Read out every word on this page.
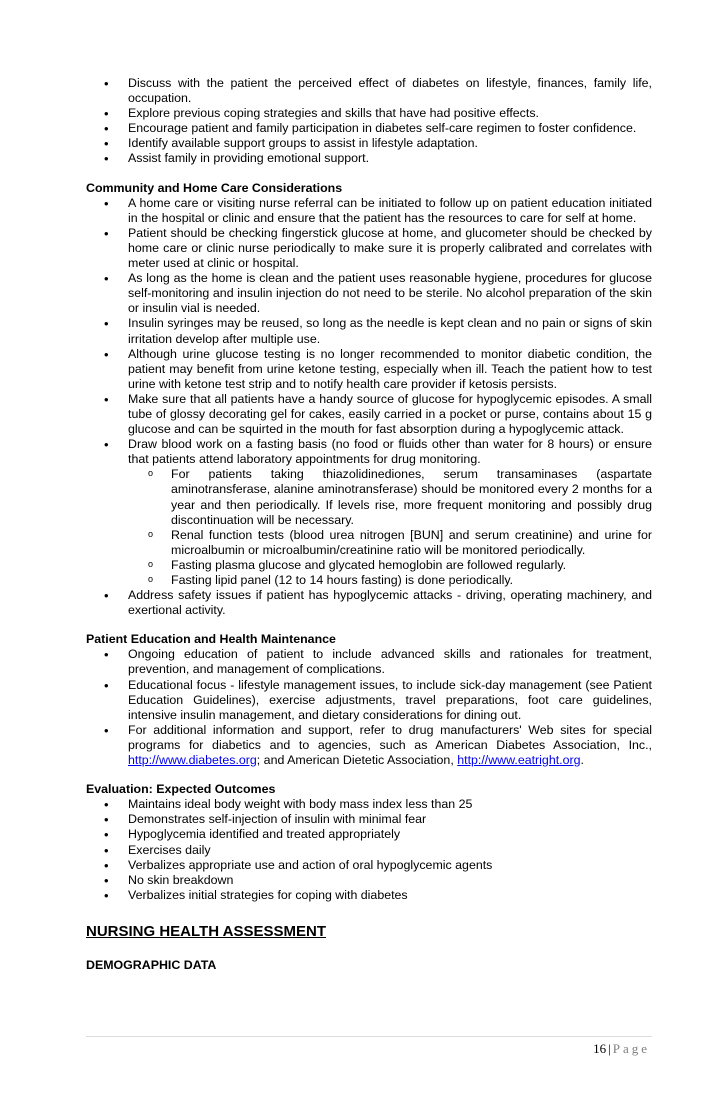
• Discuss with the patient the perceived effect of diabetes on lifestyle, finances, family life, occupation.
• Explore previous coping strategies and skills that have had positive effects.
• Encourage patient and family participation in diabetes self-care regimen to foster confidence.
• Identify available support groups to assist in lifestyle adaptation.
• Assist family in providing emotional support.
Community and Home Care Considerations
• A home care or visiting nurse referral can be initiated to follow up on patient education initiated in the hospital or clinic and ensure that the patient has the resources to care for self at home.
• Patient should be checking fingerstick glucose at home, and glucometer should be checked by home care or clinic nurse periodically to make sure it is properly calibrated and correlates with meter used at clinic or hospital.
• As long as the home is clean and the patient uses reasonable hygiene, procedures for glucose self-monitoring and insulin injection do not need to be sterile. No alcohol preparation of the skin or insulin vial is needed.
• Insulin syringes may be reused, so long as the needle is kept clean and no pain or signs of skin irritation develop after multiple use.
• Although urine glucose testing is no longer recommended to monitor diabetic condition, the patient may benefit from urine ketone testing, especially when ill. Teach the patient how to test urine with ketone test strip and to notify health care provider if ketosis persists.
• Make sure that all patients have a handy source of glucose for hypoglycemic episodes. A small tube of glossy decorating gel for cakes, easily carried in a pocket or purse, contains about 15 g glucose and can be squirted in the mouth for fast absorption during a hypoglycemic attack.
• Draw blood work on a fasting basis (no food or fluids other than water for 8 hours) or ensure that patients attend laboratory appointments for drug monitoring.
o For patients taking thiazolidinediones, serum transaminases (aspartate aminotransferase, alanine aminotransferase) should be monitored every 2 months for a year and then periodically. If levels rise, more frequent monitoring and possibly drug discontinuation will be necessary.
o Renal function tests (blood urea nitrogen [BUN] and serum creatinine) and urine for microalbumin or microalbumin/creatinine ratio will be monitored periodically.
o Fasting plasma glucose and glycated hemoglobin are followed regularly.
o Fasting lipid panel (12 to 14 hours fasting) is done periodically.
• Address safety issues if patient has hypoglycemic attacks - driving, operating machinery, and exertional activity.
Patient Education and Health Maintenance
• Ongoing education of patient to include advanced skills and rationales for treatment, prevention, and management of complications.
• Educational focus - lifestyle management issues, to include sick-day management (see Patient Education Guidelines), exercise adjustments, travel preparations, foot care guidelines, intensive insulin management, and dietary considerations for dining out.
• For additional information and support, refer to drug manufacturers' Web sites for special programs for diabetics and to agencies, such as American Diabetes Association, Inc., http://www.diabetes.org; and American Dietetic Association, http://www.eatright.org.
Evaluation: Expected Outcomes
• Maintains ideal body weight with body mass index less than 25
• Demonstrates self-injection of insulin with minimal fear
• Hypoglycemia identified and treated appropriately
• Exercises daily
• Verbalizes appropriate use and action of oral hypoglycemic agents
• No skin breakdown
• Verbalizes initial strategies for coping with diabetes
NURSING HEALTH ASSESSMENT
DEMOGRAPHIC DATA
16 | Page
